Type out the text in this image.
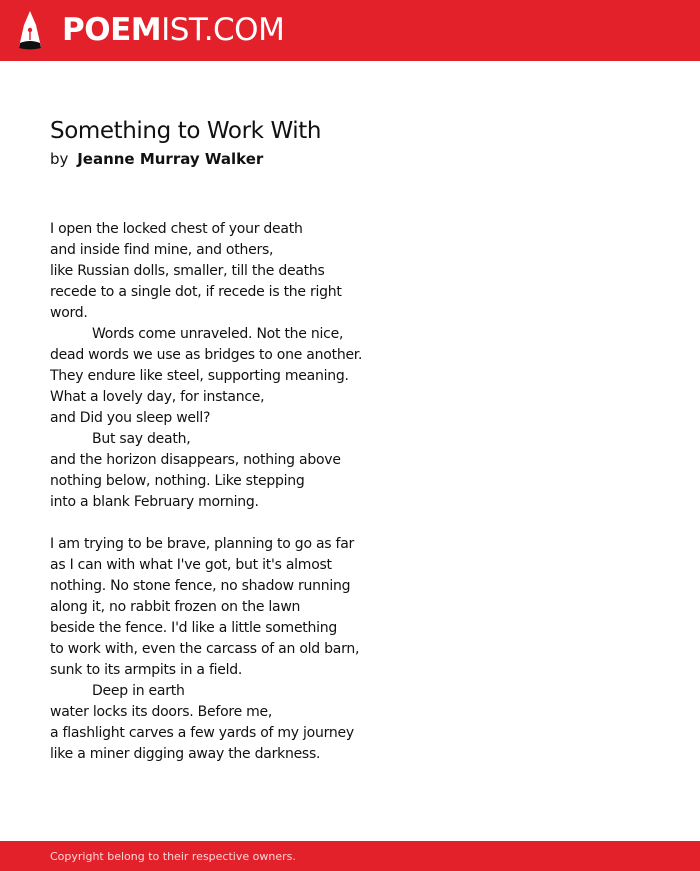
POEMIST.COM
Something to Work With
by Jeanne Murray Walker
I open the locked chest of your death
and inside find mine, and others,
like Russian dolls, smaller, till the deaths
recede to a single dot, if recede is the right
word.
Words come unraveled. Not the nice,
dead words we use as bridges to one another.
They endure like steel, supporting meaning.
What a lovely day, for instance,
and Did you sleep well?
But say death,
and the horizon disappears, nothing above
nothing below, nothing. Like stepping
into a blank February morning.
I am trying to be brave, planning to go as far
as I can with what I've got, but it's almost
nothing. No stone fence, no shadow running
along it, no rabbit frozen on the lawn
beside the fence. I'd like a little something
to work with, even the carcass of an old barn,
sunk to its armpits in a field.
Deep in earth
water locks its doors. Before me,
a flashlight carves a few yards of my journey
like a miner digging away the darkness.
Copyright belong to their respective owners.
